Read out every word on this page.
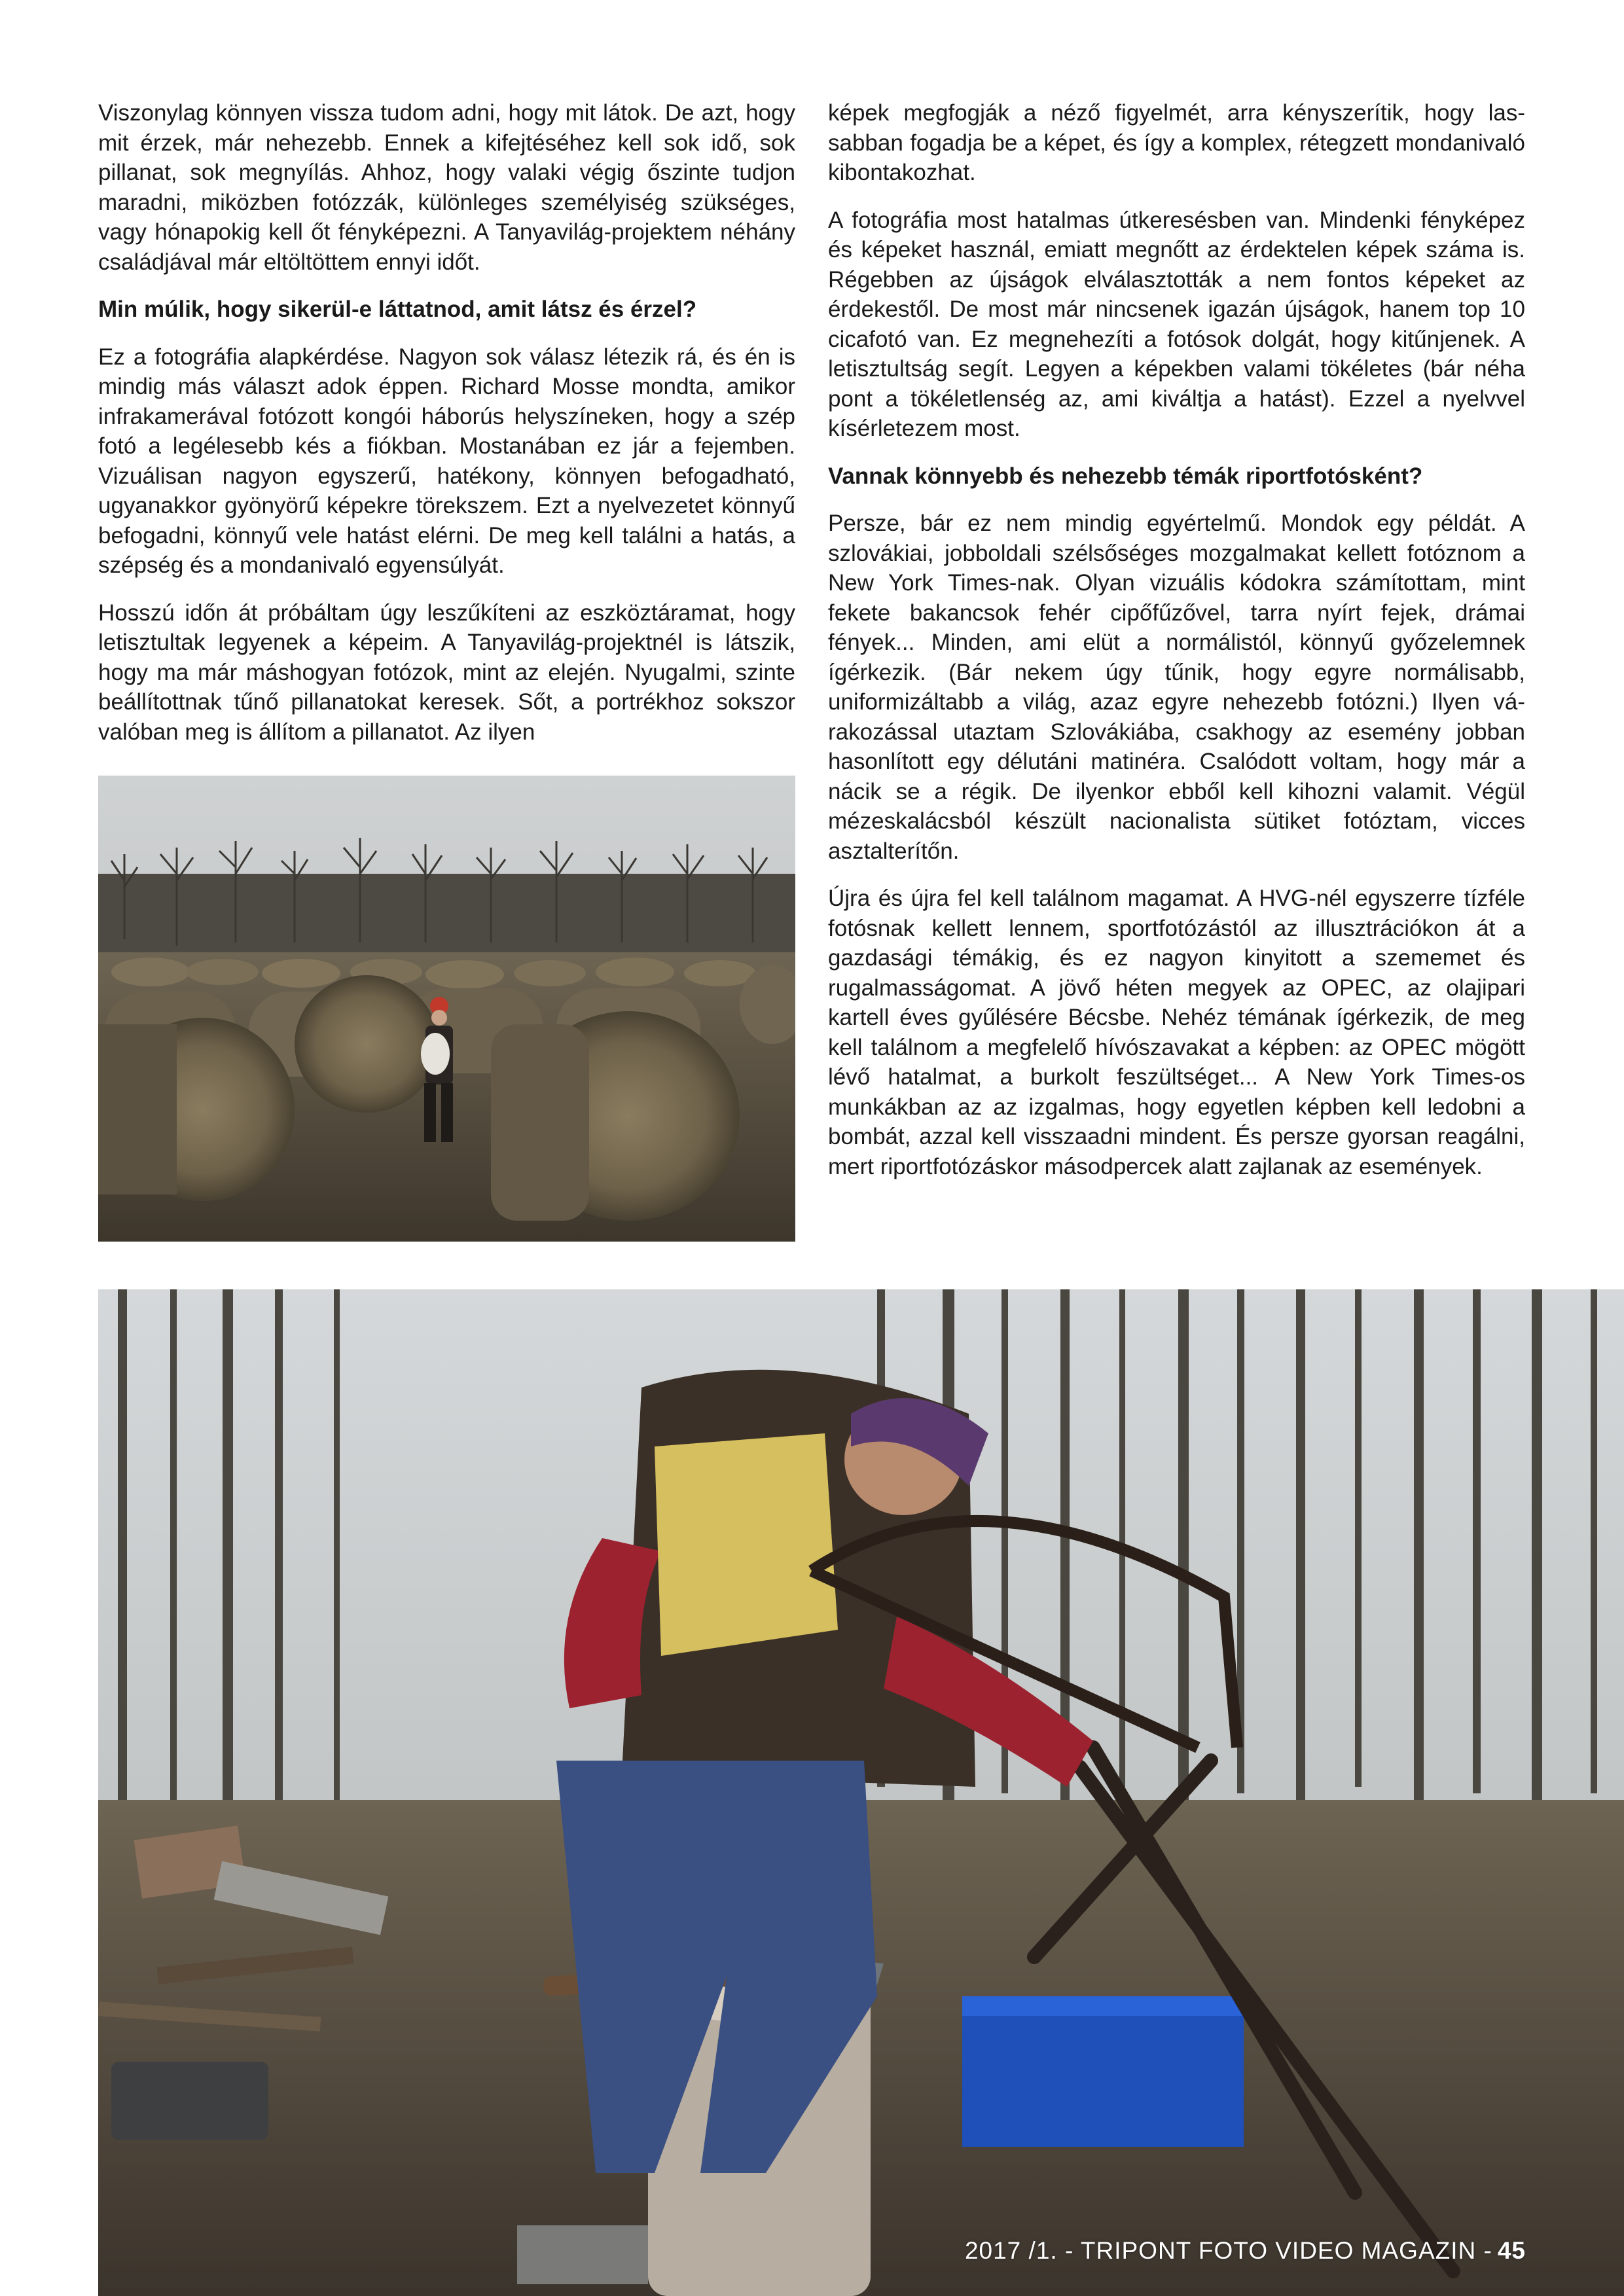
Viszonylag könnyen vissza tudom adni, hogy mit látok. De azt, hogy mit érzek, már nehezebb. Ennek a kifejtéséhez kell sok idő, sok pillanat, sok megnyílás. Ahhoz, hogy valaki végig őszinte tudjon maradni, miközben fotózzák, különleges személyiség szükséges, vagy hónapokig kell őt fényképezni. A Tanyavilág-projektem néhány családjával már eltöltöttem ennyi időt.

Min múlik, hogy sikerül-e láttatnod, amit látsz és érzel?

Ez a fotográfia alapkérdése. Nagyon sok válasz létezik rá, és én is mindig más választ adok éppen. Richard Mosse mondta, amikor infrakamerával fotózott kongói háborús helyszíneken, hogy a szép fotó a legélesebb kés a fiókban. Mostanában ez jár a fejemben. Vizuálisan nagyon egyszerű, hatékony, könnyen befogadható, ugyanakkor gyönyörű képekre törekszem. Ezt a nyelvezetet könnyű befogadni, könnyű vele hatást elérni. De meg kell találni a hatás, a szépség és a mondanivaló egyensúlyát.

Hosszú időn át próbáltam úgy leszűkíteni az eszköztáramat, hogy letisztultak legyenek a képeim. A Tanyavilág-projektnél is látszik, hogy ma már máshogyan fotózok, mint az elején. Nyugalmi, szinte beállítottnak tűnő pillanatokat keresek. Sőt, a portrékhoz sokszor valóban meg is állítom a pillanatot. Az ilyen

képek megfogják a néző figyelmét, arra kényszerítik, hogy lassabban fogadja be a képet, és így a komplex, rétegzett mondanivaló kibontakozhat.

A fotográfia most hatalmas útkeresésben van. Mindenki fényképez és képeket használ, emiatt megnőtt az érdektelen képek száma is. Régebben az újságok elválasztották a nem fontos képeket az érdekestől. De most már nincsenek igazán újságok, hanem top 10 cicafotó van. Ez megnehezíti a fotósok dolgát, hogy kitűnjenek. A letisztultság segít. Legyen a képekben valami tökéletes (bár néha pont a tökéletlenség az, ami kiváltja a hatást). Ezzel a nyelvvel kísérletezem most.

Vannak könnyebb és nehezebb témák riportfotósként?

Persze, bár ez nem mindig egyértelmű. Mondok egy példát. A szlovákiai, jobboldali szélsőséges mozgalmakat kellett fotóznom a New York Times-nak. Olyan vizuális kódokra számítottam, mint fekete bakancsok fehér cipőfűzővel, tarra nyírt fejek, drámai fények... Minden, ami elüt a normálistól, könnyű győzelemnek ígérkezik. (Bár nekem úgy tűnik, hogy egyre normálisabb, uniformizáltabb a világ, azaz egyre nehezebb fotózni.) Ilyen várakozással utaztam Szlovákiába, csakhogy az esemény jobban hasonlított egy délutáni matinéra. Csalódott voltam, hogy már a nácik se a régik. De ilyenkor ebből kell kihozni valamit. Végül mézeskalácsból készült nacionalista sütiket fotóztam, vicces asztalterítőn.

Újra és újra fel kell találnom magamat. A HVG-nél egyszerre tízféle fotósnak kellett lennem, sportfotózástól az illusztrációkon át a gazdasági témákig, és ez nagyon kinyitott a szememet és rugalmasságomat. A jövő héten megyek az OPEC, az olajipari kartell éves gyűlésére Bécsbe. Nehéz témának ígérkezik, de meg kell találnom a megfelelő hívószavakat a képben: az OPEC mögött lévő hatalmat, a burkolt feszültséget... A New York Times-os munkákban az az izgalmas, hogy egyetlen képben kell ledobni a bombát, azzal kell visszaadni mindent. És persze gyorsan reagálni, mert riportfotózáskor másodpercek alatt zajlanak az események.

2017 /1. - TRIPONT FOTO VIDEO MAGAZIN - 45
